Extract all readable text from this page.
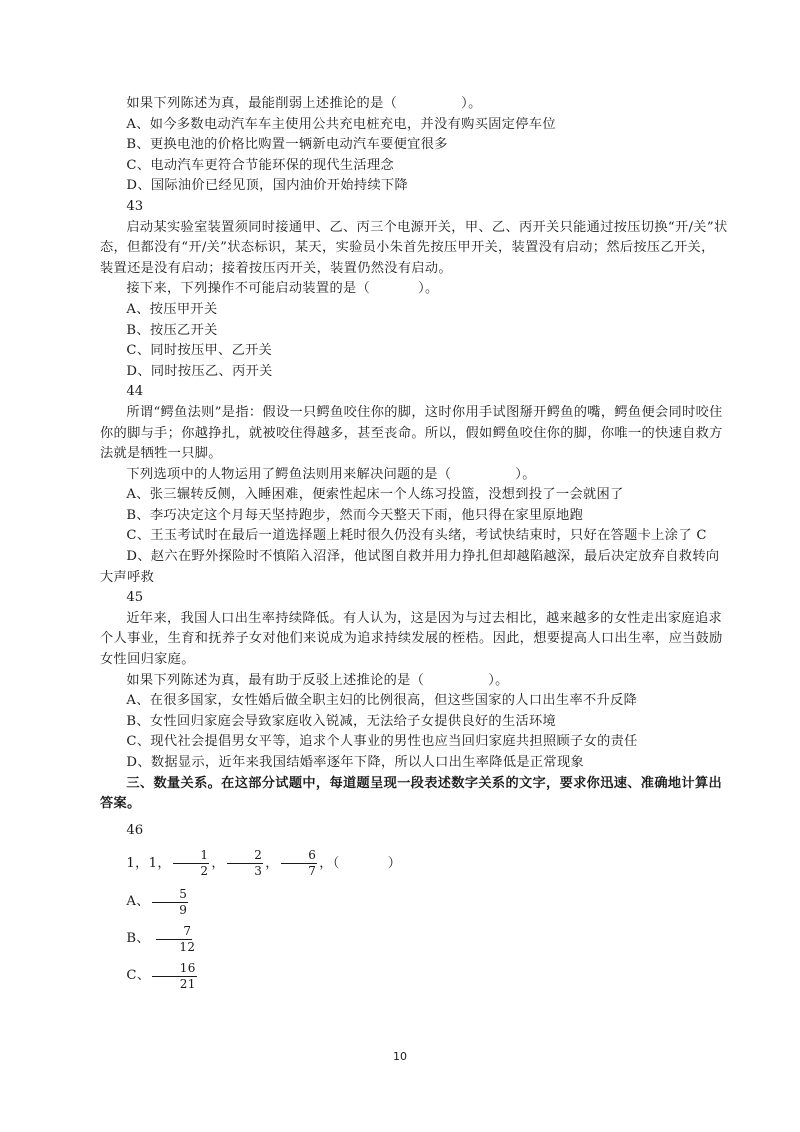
如果下列陈述为真，最能削弱上述推论的是（	）。

A、如今多数电动汽车车主使用公共充电桩充电，并没有购买固定停车位

B、更换电池的价格比购置一辆新电动汽车要便宜很多

C、电动汽车更符合节能环保的现代生活理念

D、国际油价已经见顶，国内油价开始持续下降

43

启动某实验室装置须同时接通甲、乙、丙三个电源开关，甲、乙、丙开关只能通过按压切换“开/关”状态，但都没有“开/关”状态标识，某天，实验员小朱首先按压甲开关，装置没有启动；然后按压乙开关，装置还是没有启动；接着按压丙开关，装置仍然没有启动。

接下来，下列操作不可能启动装置的是（	）。

A、按压甲开关

B、按压乙开关

C、同时按压甲、乙开关

D、同时按压乙、丙开关

44

所谓“鳄鱼法则”是指：假设一只鳄鱼咬住你的脚，这时你用手试图掰开鳄鱼的嘴，鳄鱼便会同时咬住你的脚与手；你越挣扎，就被咬住得越多，甚至丧命。所以，假如鳄鱼咬住你的脚，你唯一的快速自救方法就是牺牲一只脚。

下列选项中的人物运用了鳄鱼法则用来解决问题的是（	）。

A、张三辗转反侧，入睡困难，便索性起床一个人练习投篮，没想到投了一会就困了

B、李巧决定这个月每天坚持跑步，然而今天整天下雨，他只得在家里原地跑

C、王玉考试时在最后一道选择题上耗时很久仍没有头绪，考试快结束时，只好在答题卡上涂了 C

D、赵六在野外探险时不慎陷入沼泽，他试图自救并用力挣扎但却越陷越深，最后决定放弃自救转向大声呼救

45

近年来，我国人口出生率持续降低。有人认为，这是因为与过去相比，越来越多的女性走出家庭追求个人事业，生育和抚养子女对他们来说成为追求持续发展的桎梏。因此，想要提高人口出生率，应当鼓励女性回归家庭。

如果下列陈述为真，最有助于反驳上述推论的是（	）。

A、在很多国家，女性婚后做全职主妇的比例很高，但这些国家的人口出生率不升反降

B、女性回归家庭会导致家庭收入锐减，无法给子女提供良好的生活环境

C、现代社会提倡男女平等，追求个人事业的男性也应当回归家庭共担照顾子女的责任

D、数据显示，近年来我国结婚率逐年下降，所以人口出生率降低是正常现象

三、数量关系。在这部分试题中，每道题呈现一段表述数字关系的文字，要求你迅速、准确地计算出答案。

46

1，1， $\frac{1}{2}$ ， $\frac{2}{3}$ ， $\frac{6}{7}$ ，（	）

A、 $\frac{5}{9}$

B、 $\frac{7}{12}$

C、 $\frac{16}{21}$

10
